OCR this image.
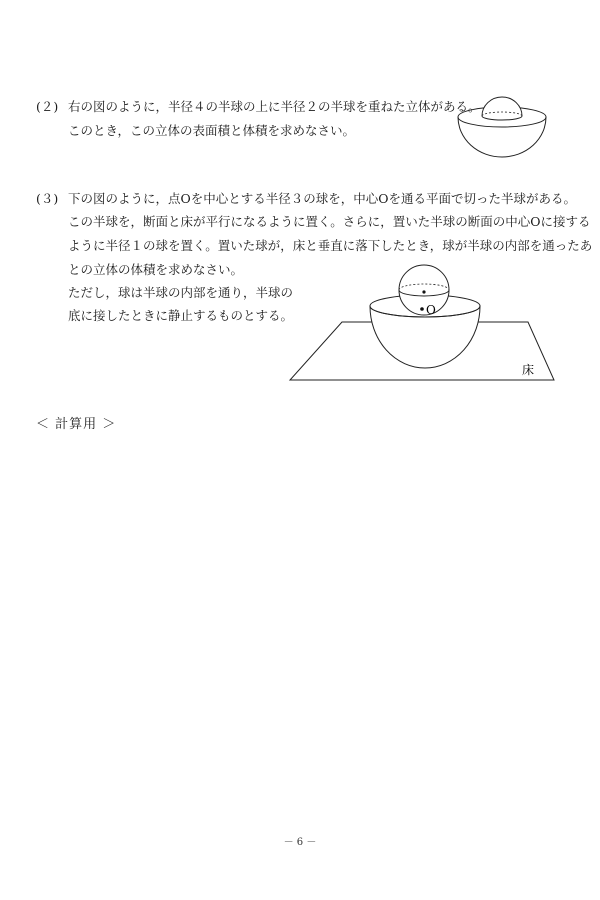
(２) 右の図のように，半径４の半球の上に半径２の半球を重ねた立体がある。
このとき，この立体の表面積と体積を求めなさい。
(３) 下の図のように，点Oを中心とする半径３の球を，中心Oを通る平面で切った半球がある。
この半球を，断面と床が平行になるように置く。さらに，置いた半球の断面の中心Oに接する
ように半径１の球を置く。置いた球が，床と垂直に落下したとき，球が半球の内部を通ったあ
との立体の体積を求めなさい。
ただし，球は半球の内部を通り，半球の
底に接したときに静止するものとする。	O
床
＜ 計算用 ＞
－ 6 －
